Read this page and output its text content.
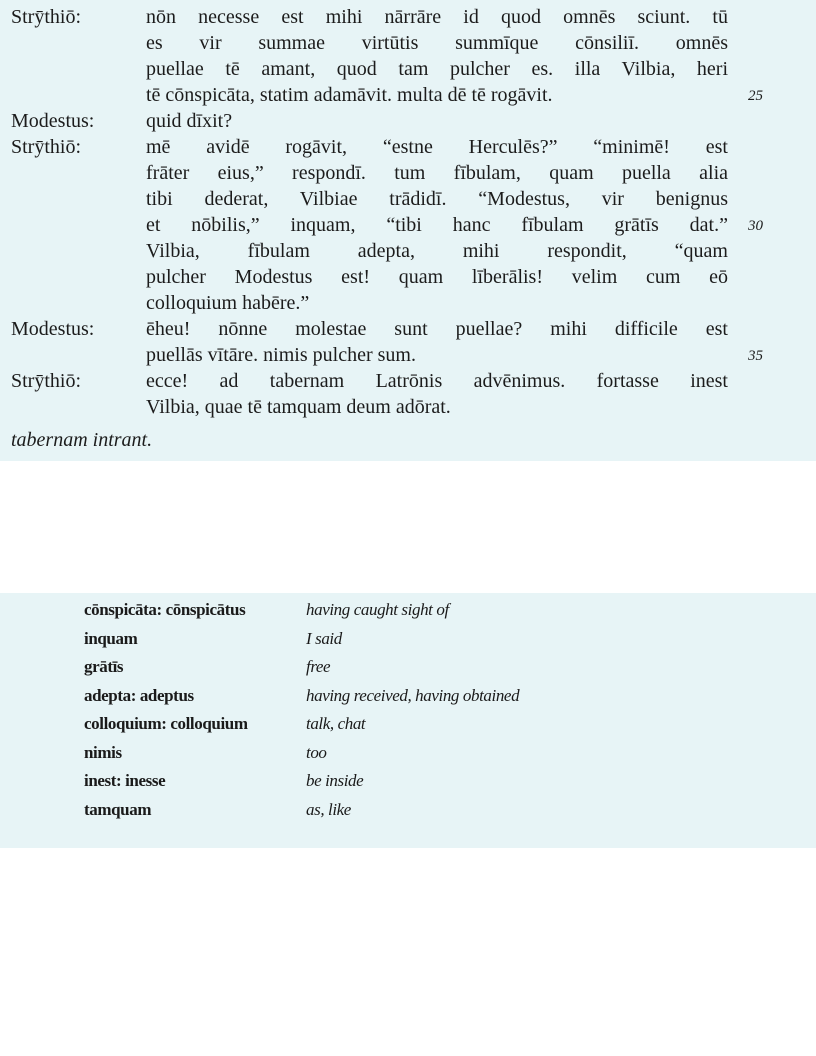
Strȳthiō:	nōn necesse est mihi nārrāre id quod omnēs sciunt. tū
es vir summae virtūtis summīque cōnsiliī. omnēs
puellae tē amant, quod tam pulcher es. illa Vilbia, heri
tē cōnspicāta, statim adamāvit. multa dē tē rogāvit.	25
Modestus:	quid dīxit?
Strȳthiō:	mē avidē rogāvit, “estne Herculēs?” “minimē! est
frāter eius,” respondī. tum fībulam, quam puella alia
tibi dederat, Vilbiae trādidī. “Modestus, vir benignus
et nōbilis,” inquam, “tibi hanc fībulam grātīs dat.” 30
Vilbia, fībulam adepta, mihi respondit, “quam
pulcher Modestus est! quam līberālis! velim cum eō
colloquium habēre.”
Modestus:	ēheu! nōnne molestae sunt puellae? mihi difficile est
puellās vītāre. nimis pulcher sum.	35
Strȳthiō:	ecce! ad tabernam Latrōnis advēnimus. fortasse inest
Vilbia, quae tē tamquam deum adōrat.
tabernam intrant.
cōnspicāta: cōnspicātus	having caught sight of
inquam	I said
grātīs	free
adepta: adeptus	having received, having obtained
colloquium: colloquium	talk, chat
nimis	too
inest: inesse	be inside
tamquam	as, like
